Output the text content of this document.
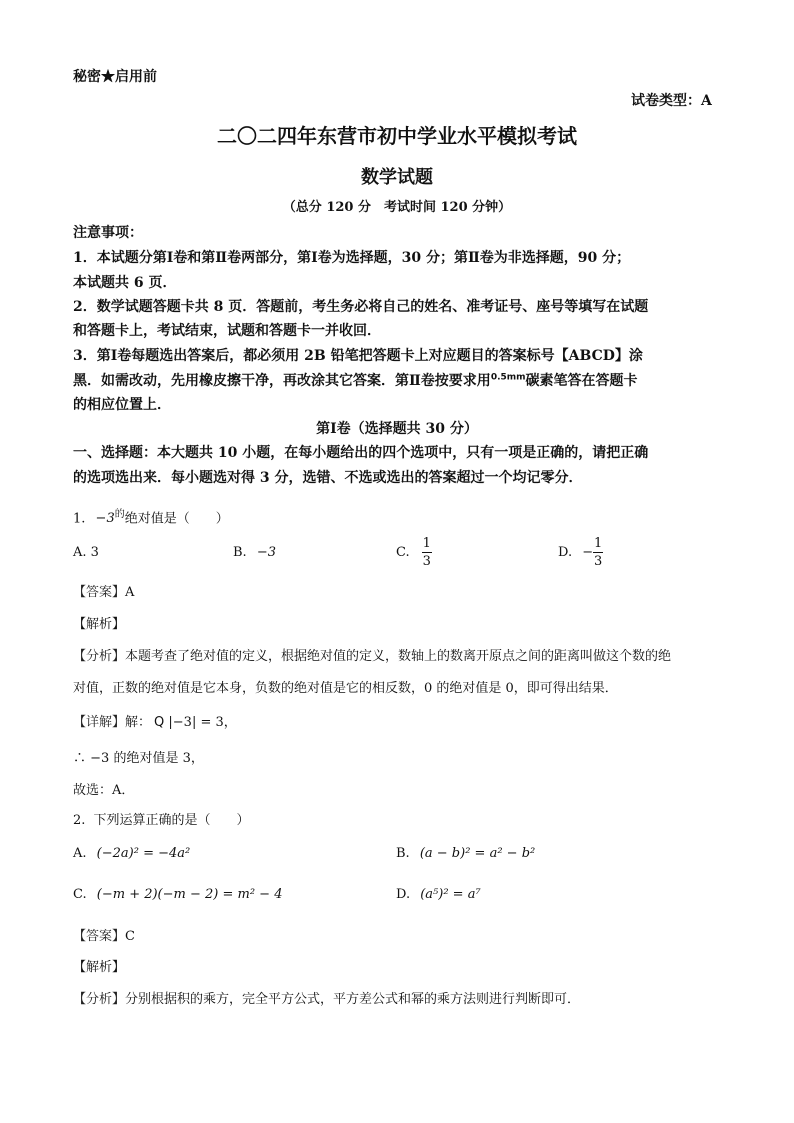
秘密★启用前
试卷类型：A
二〇二四年东营市初中学业水平模拟考试
数学试题
（总分 120 分　考试时间 120 分钟）
注意事项：
1．本试题分第Ⅰ卷和第Ⅱ卷两部分，第Ⅰ卷为选择题，30 分；第Ⅱ卷为非选择题，90 分；
本试题共 6 页．
2．数学试题答题卡共 8 页．答题前，考生务必将自己的姓名、准考证号、座号等填写在试题
和答题卡上，考试结束，试题和答题卡一并收回．
3．第Ⅰ卷每题选出答案后，都必须用 2B 铅笔把答题卡上对应题目的答案标号【ABCD】涂
黑．如需改动，先用橡皮擦干净，再改涂其它答案．第Ⅱ卷按要求用$^{0.5mm}$碳素笔答在答题卡
的相应位置上．
第Ⅰ卷（选择题共 30 分）
一、选择题：本大题共 10 小题，在每小题给出的四个选项中，只有一项是正确的，请把正确
的选项选出来．每小题选对得 3 分，选错、不选或选出的答案超过一个均记零分．
1. $-3^的$绝对值是（　　）
A. 3	B. −3	C. $\frac{1}{3}$	D. − $\frac{1}{3}$
【答案】A
【解析】
【分析】本题考查了绝对值的定义，根据绝对值的定义，数轴上的数离开原点之间的距离叫做这个数的绝
对值，正数的绝对值是它本身，负数的绝对值是它的相反数，0 的绝对值是 0，即可得出结果．
【详解】解： Q |−3| = 3，
∴ −3 的绝对值是 3，
故选：A．
2. 下列运算正确的是（　　）
A. (−2a)² = −4a²	B. (a − b)² = a² − b²
C. (−m + 2)(−m − 2) = m² − 4	D. (a⁵)² = a⁷
【答案】C
【解析】
【分析】分别根据积的乘方，完全平方公式，平方差公式和幂的乘方法则进行判断即可．
